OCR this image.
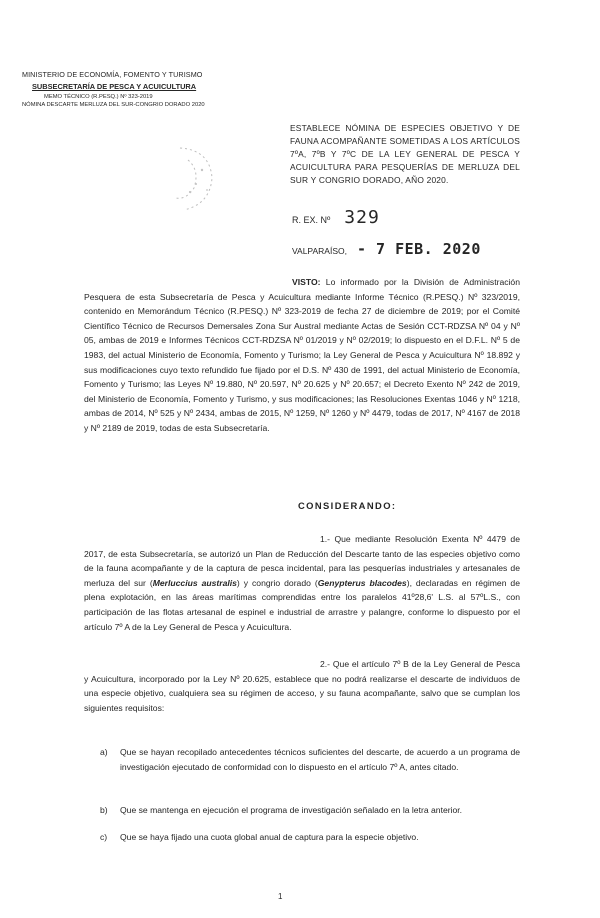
MINISTERIO DE ECONOMÍA, FOMENTO Y TURISMO
SUBSECRETARÍA DE PESCA Y ACUICULTURA
MEMO TÉCNICO (R.PESQ.) Nº 323-2019
NÓMINA DESCARTE MERLUZA DEL SUR-CONGRIO DORADO 2020
ESTABLECE NÓMINA DE ESPECIES OBJETIVO Y DE FAUNA ACOMPAÑANTE SOMETIDAS A LOS ARTÍCULOS 7ºA, 7ºB Y 7ºC DE LA LEY GENERAL DE PESCA Y ACUICULTURA PARA PESQUERÍAS DE MERLUZA DEL SUR Y CONGRIO DORADO, AÑO 2020.
R. EX. Nº 329
VALPARAÍSO, - 7 FEB. 2020
VISTO: Lo informado por la División de Administración Pesquera de esta Subsecretaría de Pesca y Acuicultura mediante Informe Técnico (R.PESQ.) Nº 323/2019, contenido en Memorándum Técnico (R.PESQ.) Nº 323-2019 de fecha 27 de diciembre de 2019; por el Comité Científico Técnico de Recursos Demersales Zona Sur Austral mediante Actas de Sesión CCT-RDZSA Nº 04 y Nº 05, ambas de 2019 e Informes Técnicos CCT-RDZSA Nº 01/2019 y Nº 02/2019; lo dispuesto en el D.F.L. Nº 5 de 1983, del actual Ministerio de Economía, Fomento y Turismo; la Ley General de Pesca y Acuicultura Nº 18.892 y sus modificaciones cuyo texto refundido fue fijado por el D.S. Nº 430 de 1991, del actual Ministerio de Economía, Fomento y Turismo; las Leyes Nº 19.880, Nº 20.597, Nº 20.625 y Nº 20.657; el Decreto Exento Nº 242 de 2019, del Ministerio de Economía, Fomento y Turismo, y sus modificaciones; las Resoluciones Exentas 1046 y Nº 1218, ambas de 2014, Nº 525 y Nº 2434, ambas de 2015, Nº 1259, Nº 1260 y Nº 4479, todas de 2017, Nº 4167 de 2018 y Nº 2189 de 2019, todas de esta Subsecretaría.
CONSIDERANDO:
1.- Que mediante Resolución Exenta Nº 4479 de 2017, de esta Subsecretaría, se autorizó un Plan de Reducción del Descarte tanto de las especies objetivo como de la fauna acompañante y de la captura de pesca incidental, para las pesquerías industriales y artesanales de merluza del sur (Merluccius australis) y congrio dorado (Genypterus blacodes), declaradas en régimen de plena explotación, en las áreas marítimas comprendidas entre los paralelos 41º28,6' L.S. al 57ºL.S., con participación de las flotas artesanal de espinel e industrial de arrastre y palangre, conforme lo dispuesto por el artículo 7º A de la Ley General de Pesca y Acuicultura.
2.- Que el artículo 7º B de la Ley General de Pesca y Acuicultura, incorporado por la Ley Nº 20.625, establece que no podrá realizarse el descarte de individuos de una especie objetivo, cualquiera sea su régimen de acceso, y su fauna acompañante, salvo que se cumplan los siguientes requisitos:
a) Que se hayan recopilado antecedentes técnicos suficientes del descarte, de acuerdo a un programa de investigación ejecutado de conformidad con lo dispuesto en el artículo 7º A, antes citado.
b) Que se mantenga en ejecución el programa de investigación señalado en la letra anterior.
c) Que se haya fijado una cuota global anual de captura para la especie objetivo.
1
